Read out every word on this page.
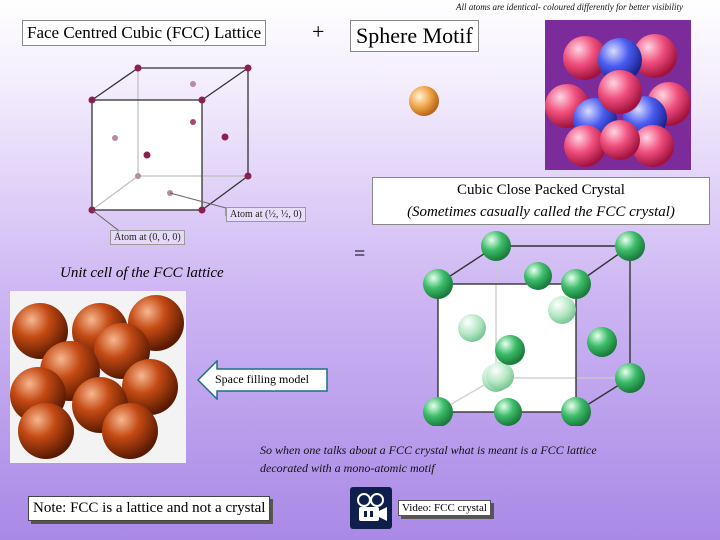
All atoms are identical- coloured differently for better visibility
Face Centred Cubic (FCC) Lattice + Sphere Motif
Atom at (½, ½, 0)
Atom at (0, 0, 0)
Unit cell of the FCC lattice
Cubic Close Packed Crystal
(Sometimes casually called the FCC crystal)
=
Space filling model
So when one talks about a FCC crystal what is meant is a FCC lattice
decorated with a mono-atomic motif
Note: FCC is a lattice and not a crystal	Video: FCC crystal
